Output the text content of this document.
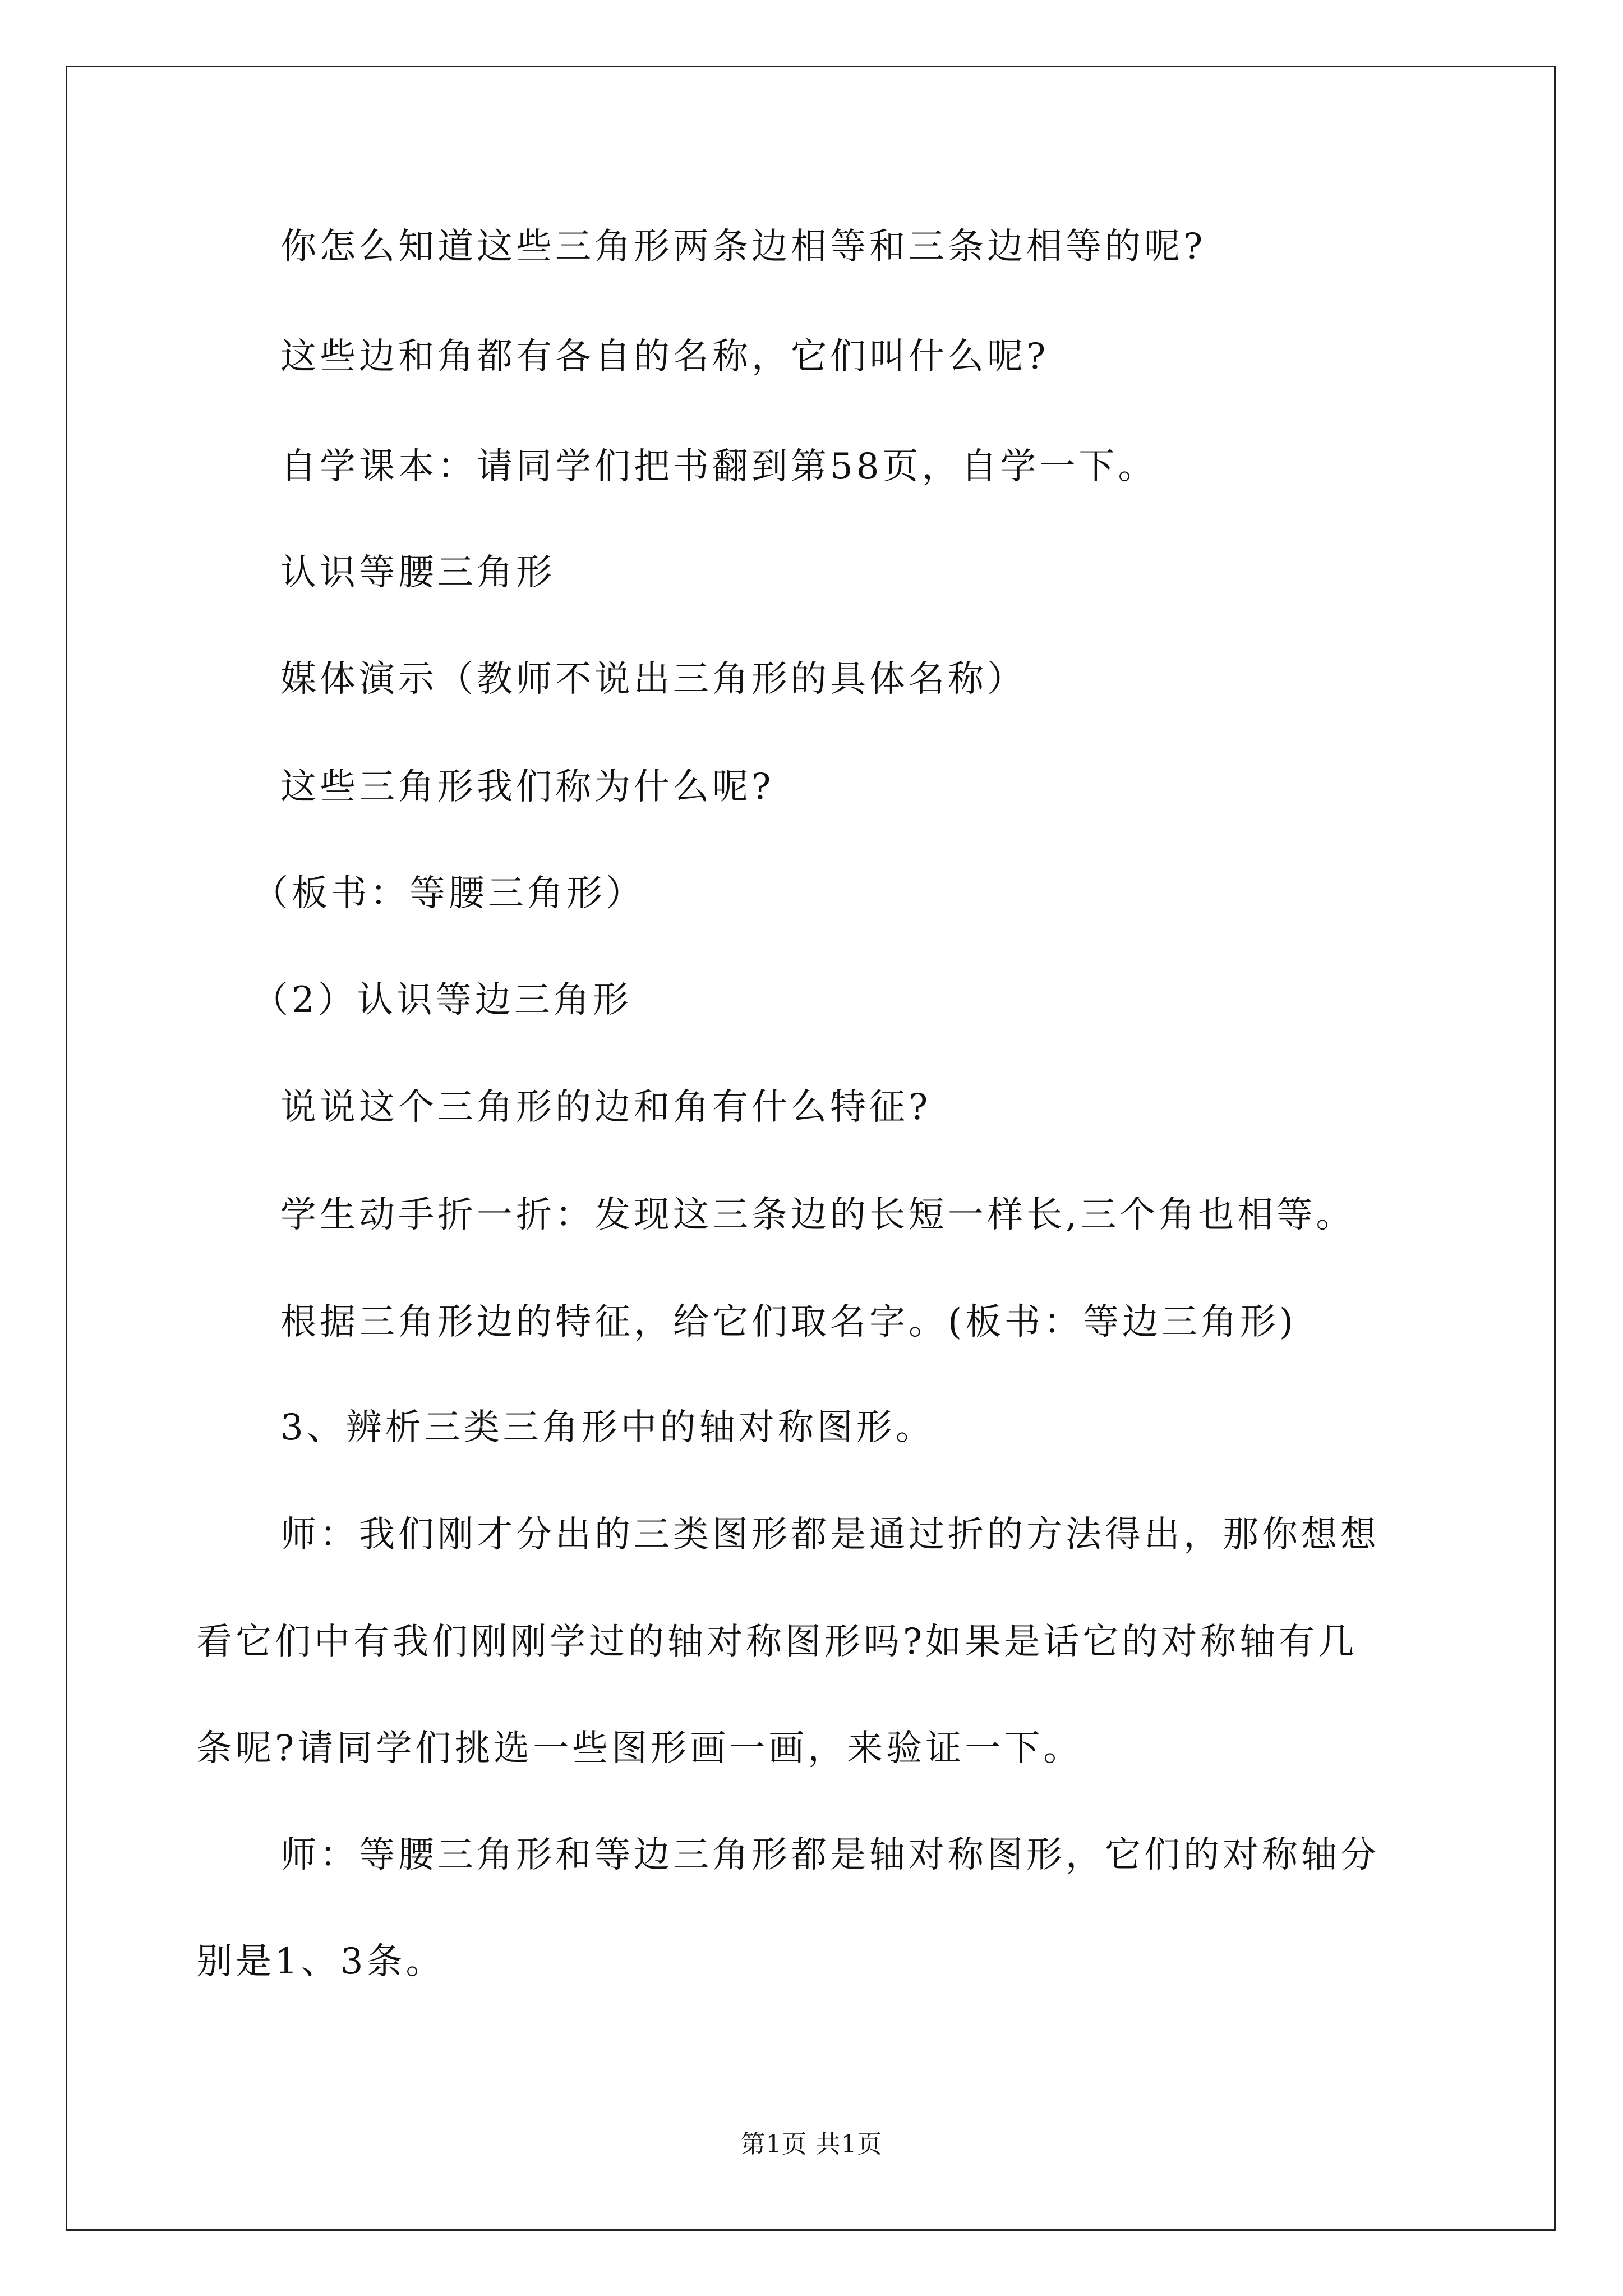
你怎么知道这些三角形两条边相等和三条边相等的呢?
这些边和角都有各自的名称，它们叫什么呢?
自学课本：请同学们把书翻到第58页，自学一下。
认识等腰三角形
媒体演示（教师不说出三角形的具体名称）
这些三角形我们称为什么呢?
（板书：等腰三角形）
（2）认识等边三角形
说说这个三角形的边和角有什么特征?
学生动手折一折：发现这三条边的长短一样长,三个角也相等。
根据三角形边的特征，给它们取名字。(板书：等边三角形)
3、辨析三类三角形中的轴对称图形。
师：我们刚才分出的三类图形都是通过折的方法得出，那你想想
看它们中有我们刚刚学过的轴对称图形吗?如果是话它的对称轴有几
条呢?请同学们挑选一些图形画一画，来验证一下。
师：等腰三角形和等边三角形都是轴对称图形，它们的对称轴分
别是1、3条。
第1页 共1页
